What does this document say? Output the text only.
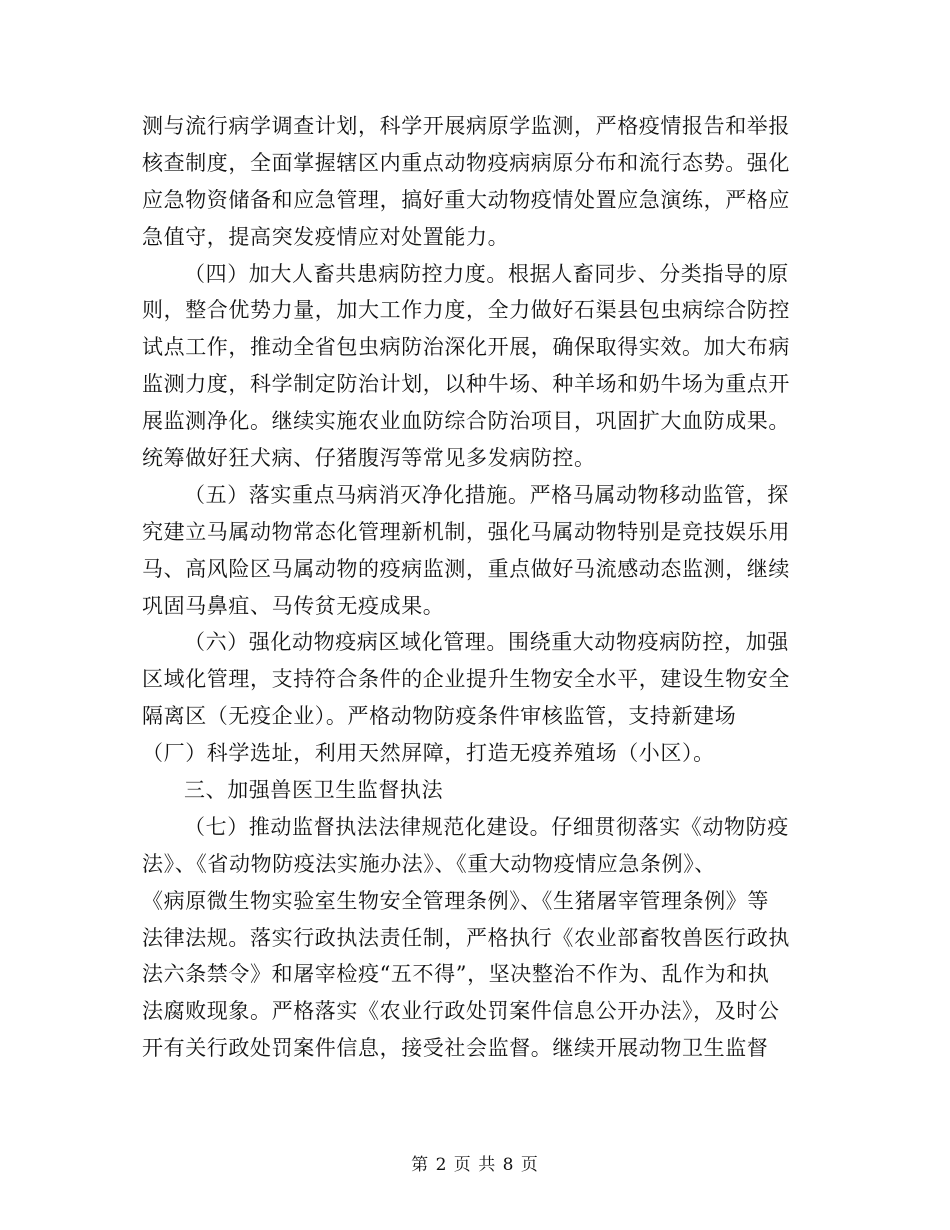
测与流行病学调查计划，科学开展病原学监测，严格疫情报告和举报
核查制度，全面掌握辖区内重点动物疫病病原分布和流行态势。强化
应急物资储备和应急管理，搞好重大动物疫情处置应急演练，严格应
急值守，提高突发疫情应对处置能力。
（四）加大人畜共患病防控力度。根据人畜同步、分类指导的原
则，整合优势力量，加大工作力度，全力做好石渠县包虫病综合防控
试点工作，推动全省包虫病防治深化开展，确保取得实效。加大布病
监测力度，科学制定防治计划，以种牛场、种羊场和奶牛场为重点开
展监测净化。继续实施农业血防综合防治项目，巩固扩大血防成果。
统筹做好狂犬病、仔猪腹泻等常见多发病防控。
（五）落实重点马病消灭净化措施。严格马属动物移动监管，探
究建立马属动物常态化管理新机制，强化马属动物特别是竞技娱乐用
马、高风险区马属动物的疫病监测，重点做好马流感动态监测，继续
巩固马鼻疽、马传贫无疫成果。
（六）强化动物疫病区域化管理。围绕重大动物疫病防控，加强
区域化管理，支持符合条件的企业提升生物安全水平，建设生物安全
隔离区（无疫企业）。严格动物防疫条件审核监管，支持新建场
（厂）科学选址，利用天然屏障，打造无疫养殖场（小区）。
三、加强兽医卫生监督执法
（七）推动监督执法法律规范化建设。仔细贯彻落实《动物防疫
法》、《省动物防疫法实施办法》、《重大动物疫情应急条例》、
《病原微生物实验室生物安全管理条例》、《生猪屠宰管理条例》等
法律法规。落实行政执法责任制，严格执行《农业部畜牧兽医行政执
法六条禁令》和屠宰检疫“五不得”，坚决整治不作为、乱作为和执
法腐败现象。严格落实《农业行政处罚案件信息公开办法》，及时公
开有关行政处罚案件信息，接受社会监督。继续开展动物卫生监督
第 2 页 共 8 页
